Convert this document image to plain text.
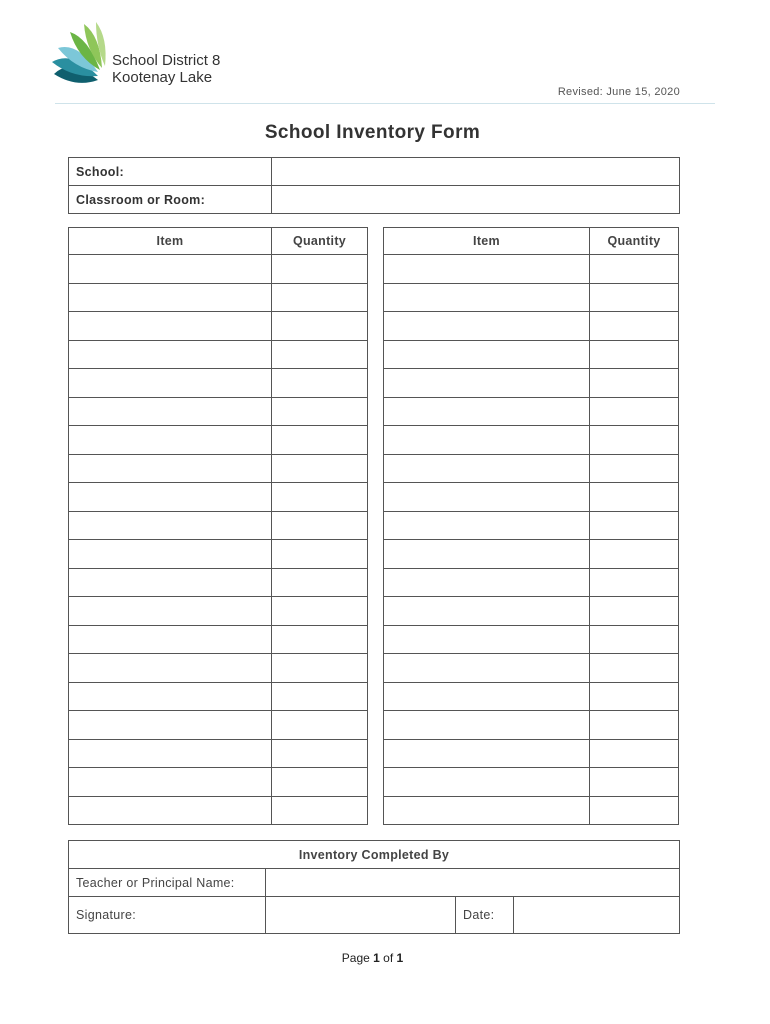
School District 8
Kootenay Lake
Revised: June 15, 2020
School Inventory Form
School:	
Classroom or Room:	
Item	Quantity

		Item	Quantity

Inventory Completed By			
Teacher or Principal Name:			
Signature:		Date:	
Page 1 of 1
